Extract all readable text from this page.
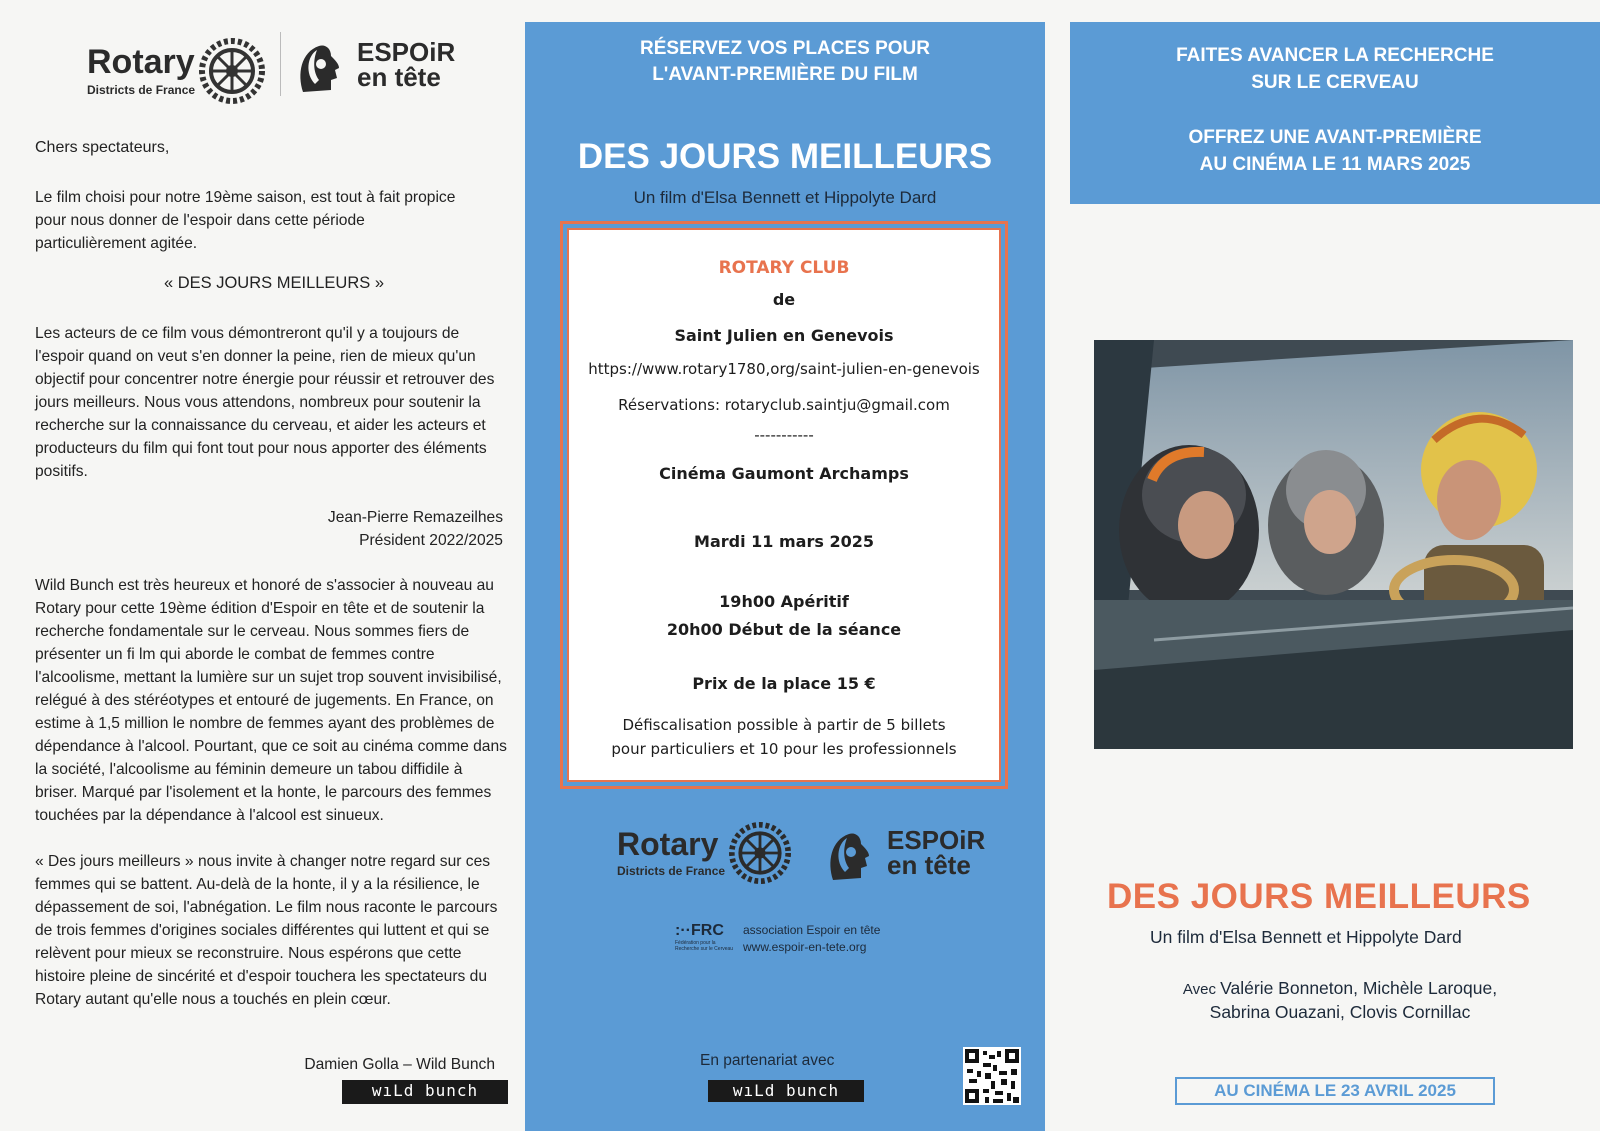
Rotary
Districts de France
ESPOiR
en tête

Chers spectateurs,

Le film choisi pour notre 19ème saison, est tout à fait propice pour nous donner de l'espoir dans cette période particulièrement agitée.

« DES JOURS MEILLEURS »

Les acteurs de ce film vous démontreront qu'il y a toujours de l'espoir quand on veut s'en donner la peine, rien de mieux qu'un objectif pour concentrer notre énergie pour réussir et retrouver des jours meilleurs. Nous vous attendons, nombreux pour soutenir la recherche sur la connaissance du cerveau, et aider les acteurs et producteurs du film qui font tout pour nous apporter des éléments positifs.

Jean-Pierre Remazeilhes

Président 2022/2025

Wild Bunch est très heureux et honoré de s'associer à nouveau au Rotary pour cette 19ème édition d'Espoir en tête et de soutenir la recherche fondamentale sur le cerveau. Nous sommes fiers de présenter un fi lm qui aborde le combat de femmes contre l'alcoolisme, mettant la lumière sur un sujet trop souvent invisibilisé, relégué à des stéréotypes et entouré de jugements. En France, on estime à 1,5 million le nombre de femmes ayant des problèmes de dépendance à l'alcool. Pourtant, que ce soit au cinéma comme dans la société, l'alcoolisme au féminin demeure un tabou diffidile à briser. Marqué par l'isolement et la honte, le parcours des femmes touchées par la dépendance à l'alcool est sinueux.

« Des jours meilleurs » nous invite à changer notre regard sur ces femmes qui se battent. Au-delà de la honte, il y a la résilience, le dépassement de soi, l'abnégation. Le film nous raconte le parcours de trois femmes d'origines sociales différentes qui luttent et qui se relèvent pour mieux se reconstruire. Nous espérons que cette histoire pleine de sincérité et d'espoir touchera les spectateurs du Rotary autant qu'elle nous a touchés en plein cœur.

Damien Golla – Wild Bunch

wıLd bunch
RÉSERVEZ VOS PLACES POUR
L'AVANT-PREMIÈRE DU FILM
DES JOURS MEILLEURS
Un film d'Elsa Bennett et Hippolyte Dard
ROTARY CLUB
de
Saint Julien en Genevois
https://www.rotary1780,org/saint-julien-en-genevois
Réservations: rotaryclub.saintju@gmail.com
-----------
Cinéma Gaumont Archamps
Mardi 11 mars 2025
19h00 Apéritif
20h00 Début de la séance
Prix de la place 15 €
Défiscalisation possible à partir de 5 billets
pour particuliers et 10 pour les professionnels
Rotary
Districts de France
ESPOiR
en tête
:··FRC
Fédération pour la Recherche sur le Cerveau
association Espoir en tête
www.espoir-en-tete.org
En partenariat avec
wıLd bunch
FAITES AVANCER LA RECHERCHE
SUR LE CERVEAU
OFFREZ UNE AVANT-PREMIÈRE
AU CINÉMA LE 11 MARS 2025
DES JOURS MEILLEURS
Un film d'Elsa Bennett et Hippolyte Dard
Avec Valérie Bonneton, Michèle Laroque,
Sabrina Ouazani, Clovis Cornillac
AU CINÉMA LE 23 AVRIL 2025
